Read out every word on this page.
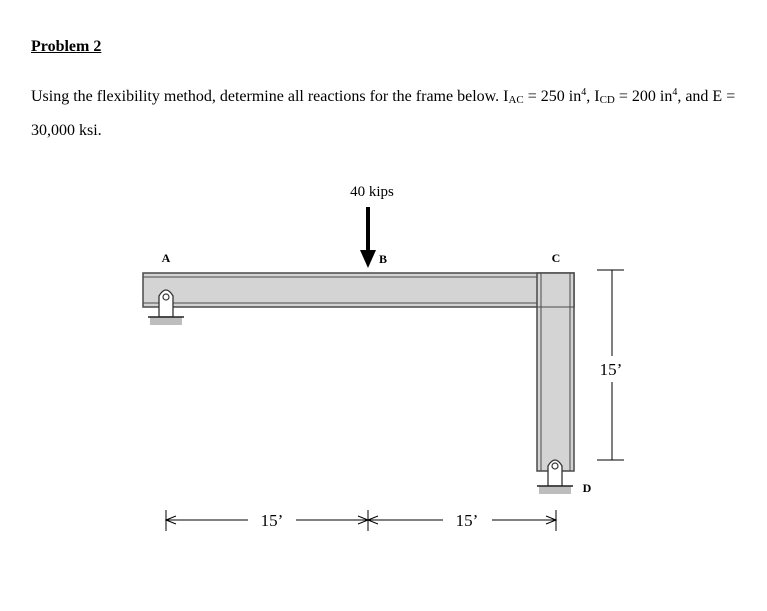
Problem 2

Using the flexibility method, determine all reactions for the frame below. $I_{AC} = 250$ $in^4$, $I_{CD} = 200$ $in^4$, and E = 30,000 ksi.

40 kips
A	B	C
D
15’	15’
15’
